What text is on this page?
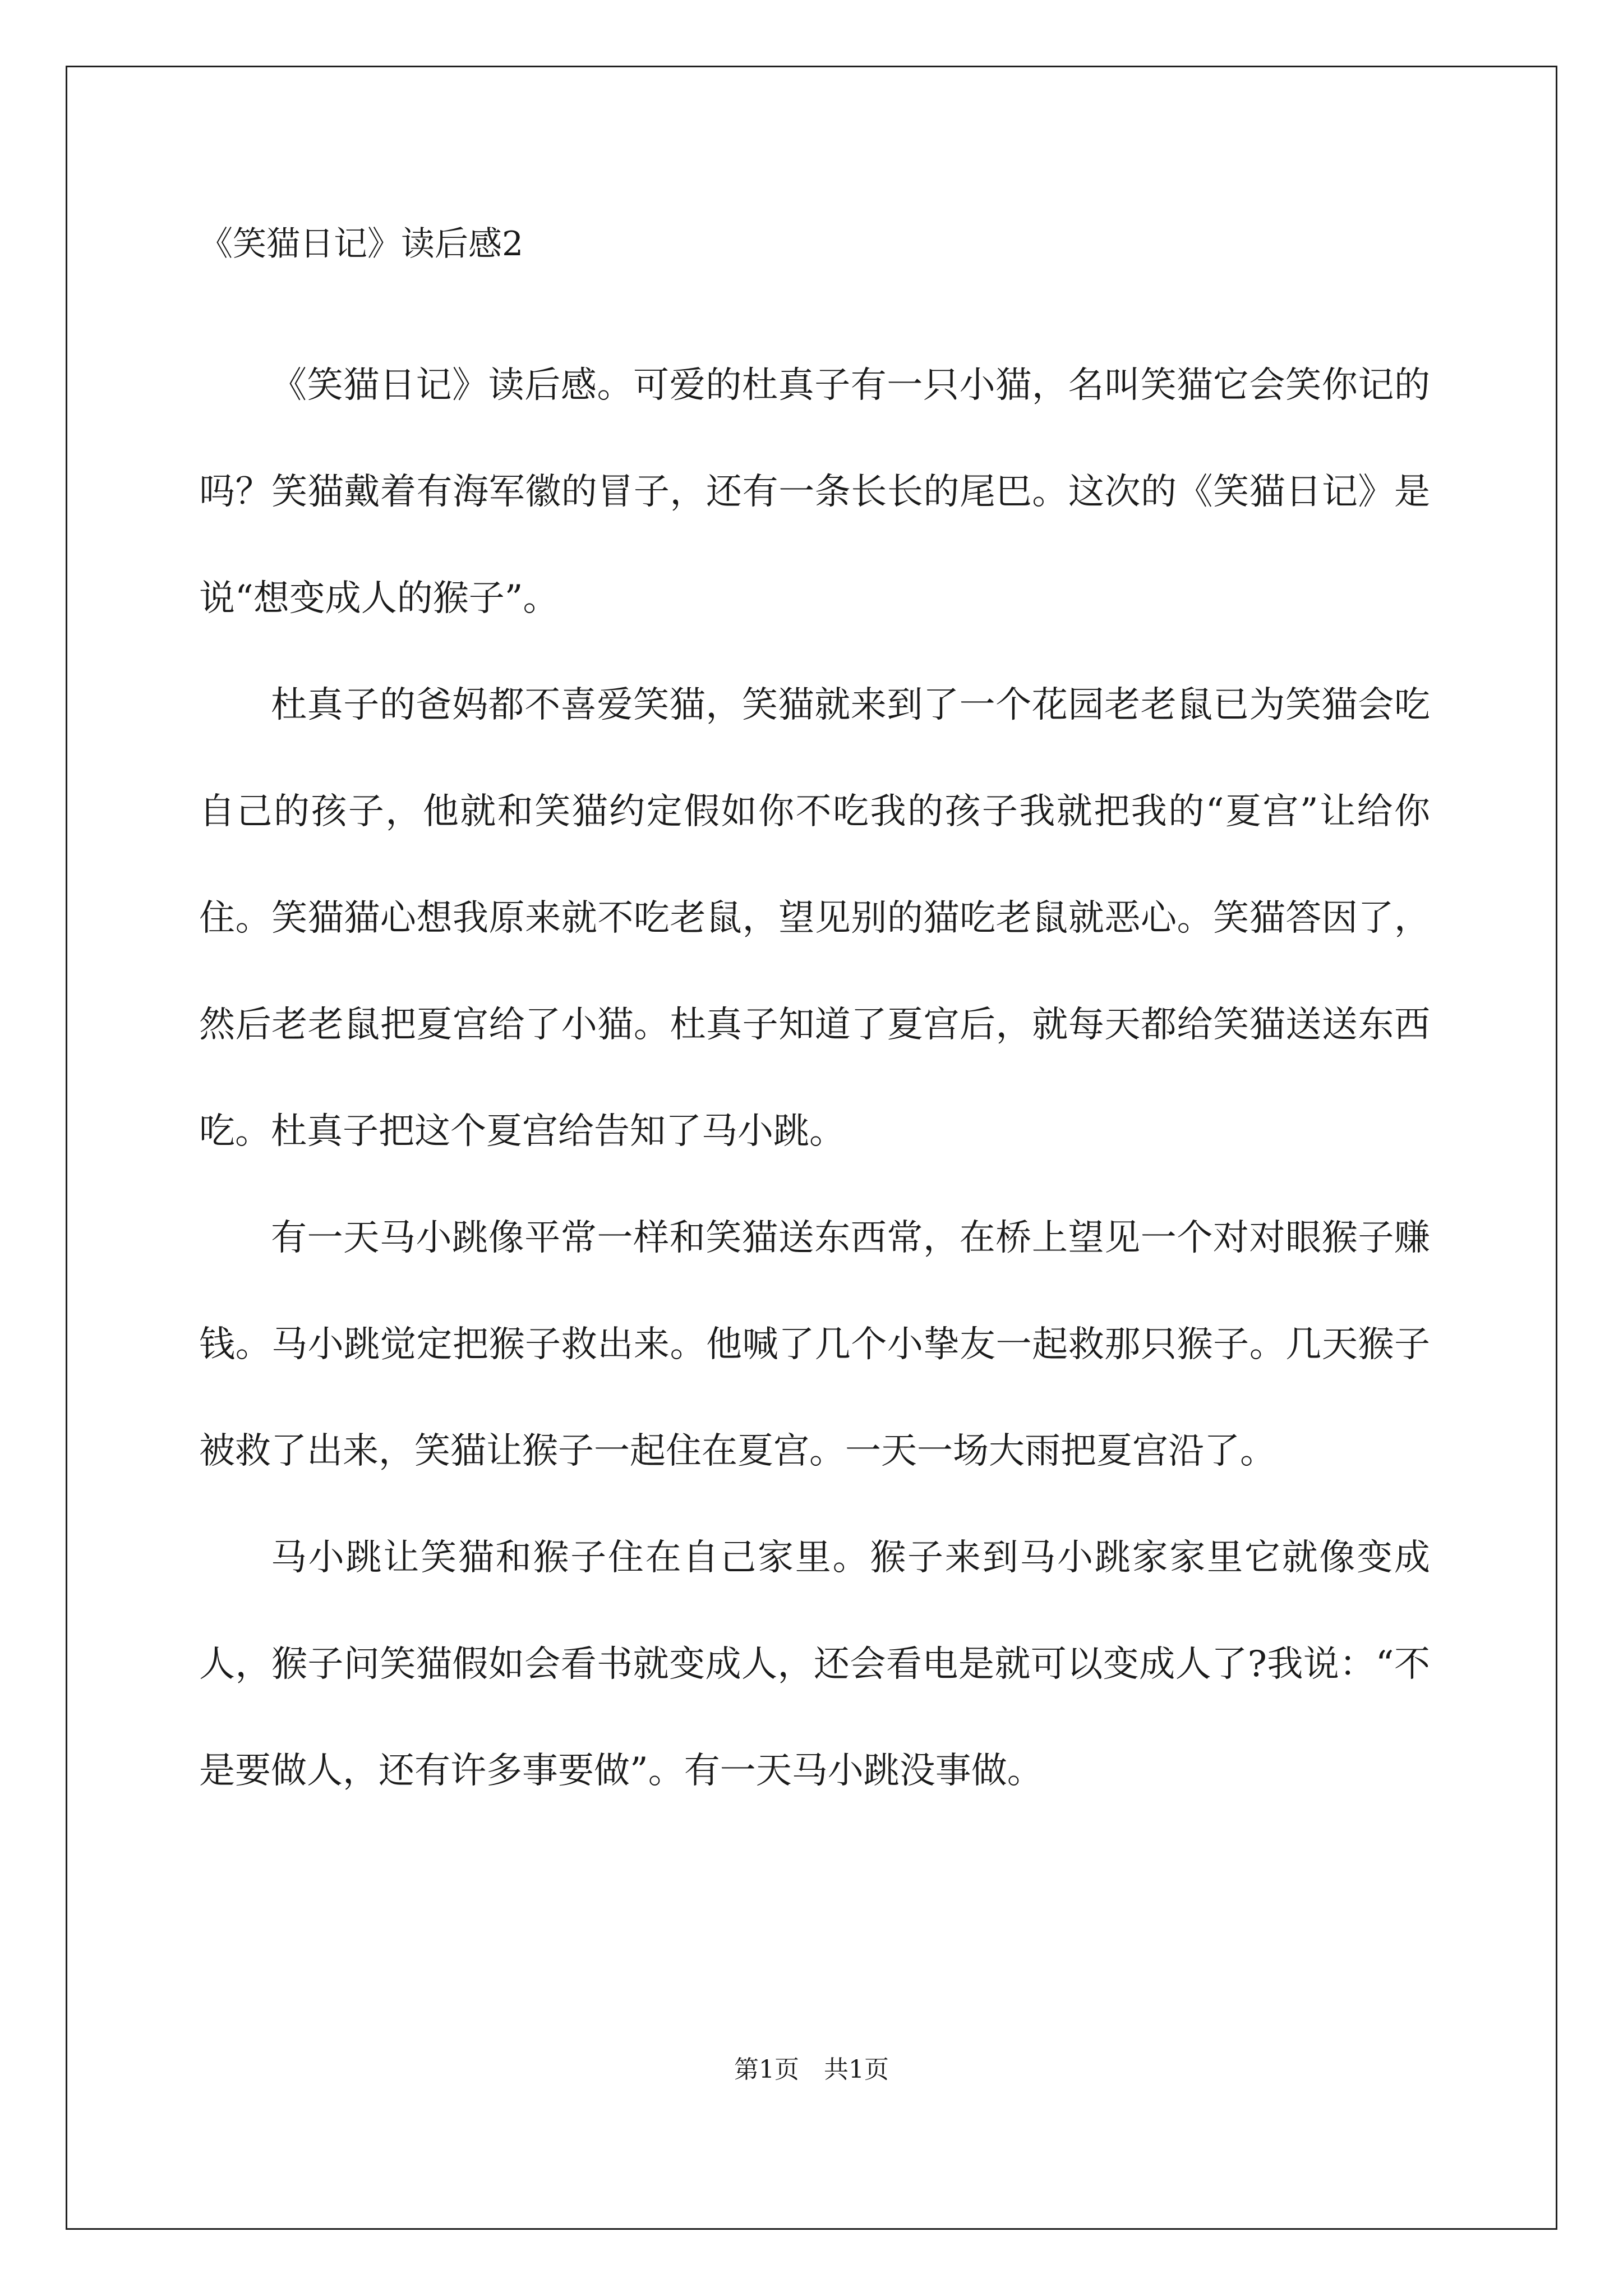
《笑猫日记》读后感2

《笑猫日记》读后感。可爱的杜真子有一只小猫，名叫笑猫它会笑你记的吗？笑猫戴着有海军徽的冒子，还有一条长长的尾巴。这次的《笑猫日记》是说“想变成人的猴子”。

杜真子的爸妈都不喜爱笑猫，笑猫就来到了一个花园老老鼠已为笑猫会吃自己的孩子，他就和笑猫约定假如你不吃我的孩子我就把我的“夏宫”让给你住。笑猫猫心想我原来就不吃老鼠，望见别的猫吃老鼠就恶心。笑猫答因了，然后老老鼠把夏宫给了小猫。杜真子知道了夏宫后，就每天都给笑猫送送东西吃。杜真子把这个夏宫给告知了马小跳。

有一天马小跳像平常一样和笑猫送东西常，在桥上望见一个对对眼猴子赚钱。马小跳觉定把猴子救出来。他喊了几个小挚友一起救那只猴子。几天猴子被救了出来，笑猫让猴子一起住在夏宫。一天一场大雨把夏宫沿了。

马小跳让笑猫和猴子住在自己家里。猴子来到马小跳家家里它就像变成人，猴子问笑猫假如会看书就变成人，还会看电是就可以变成人了?我说：“不是要做人，还有许多事要做”。有一天马小跳没事做。

第1页　共1页
